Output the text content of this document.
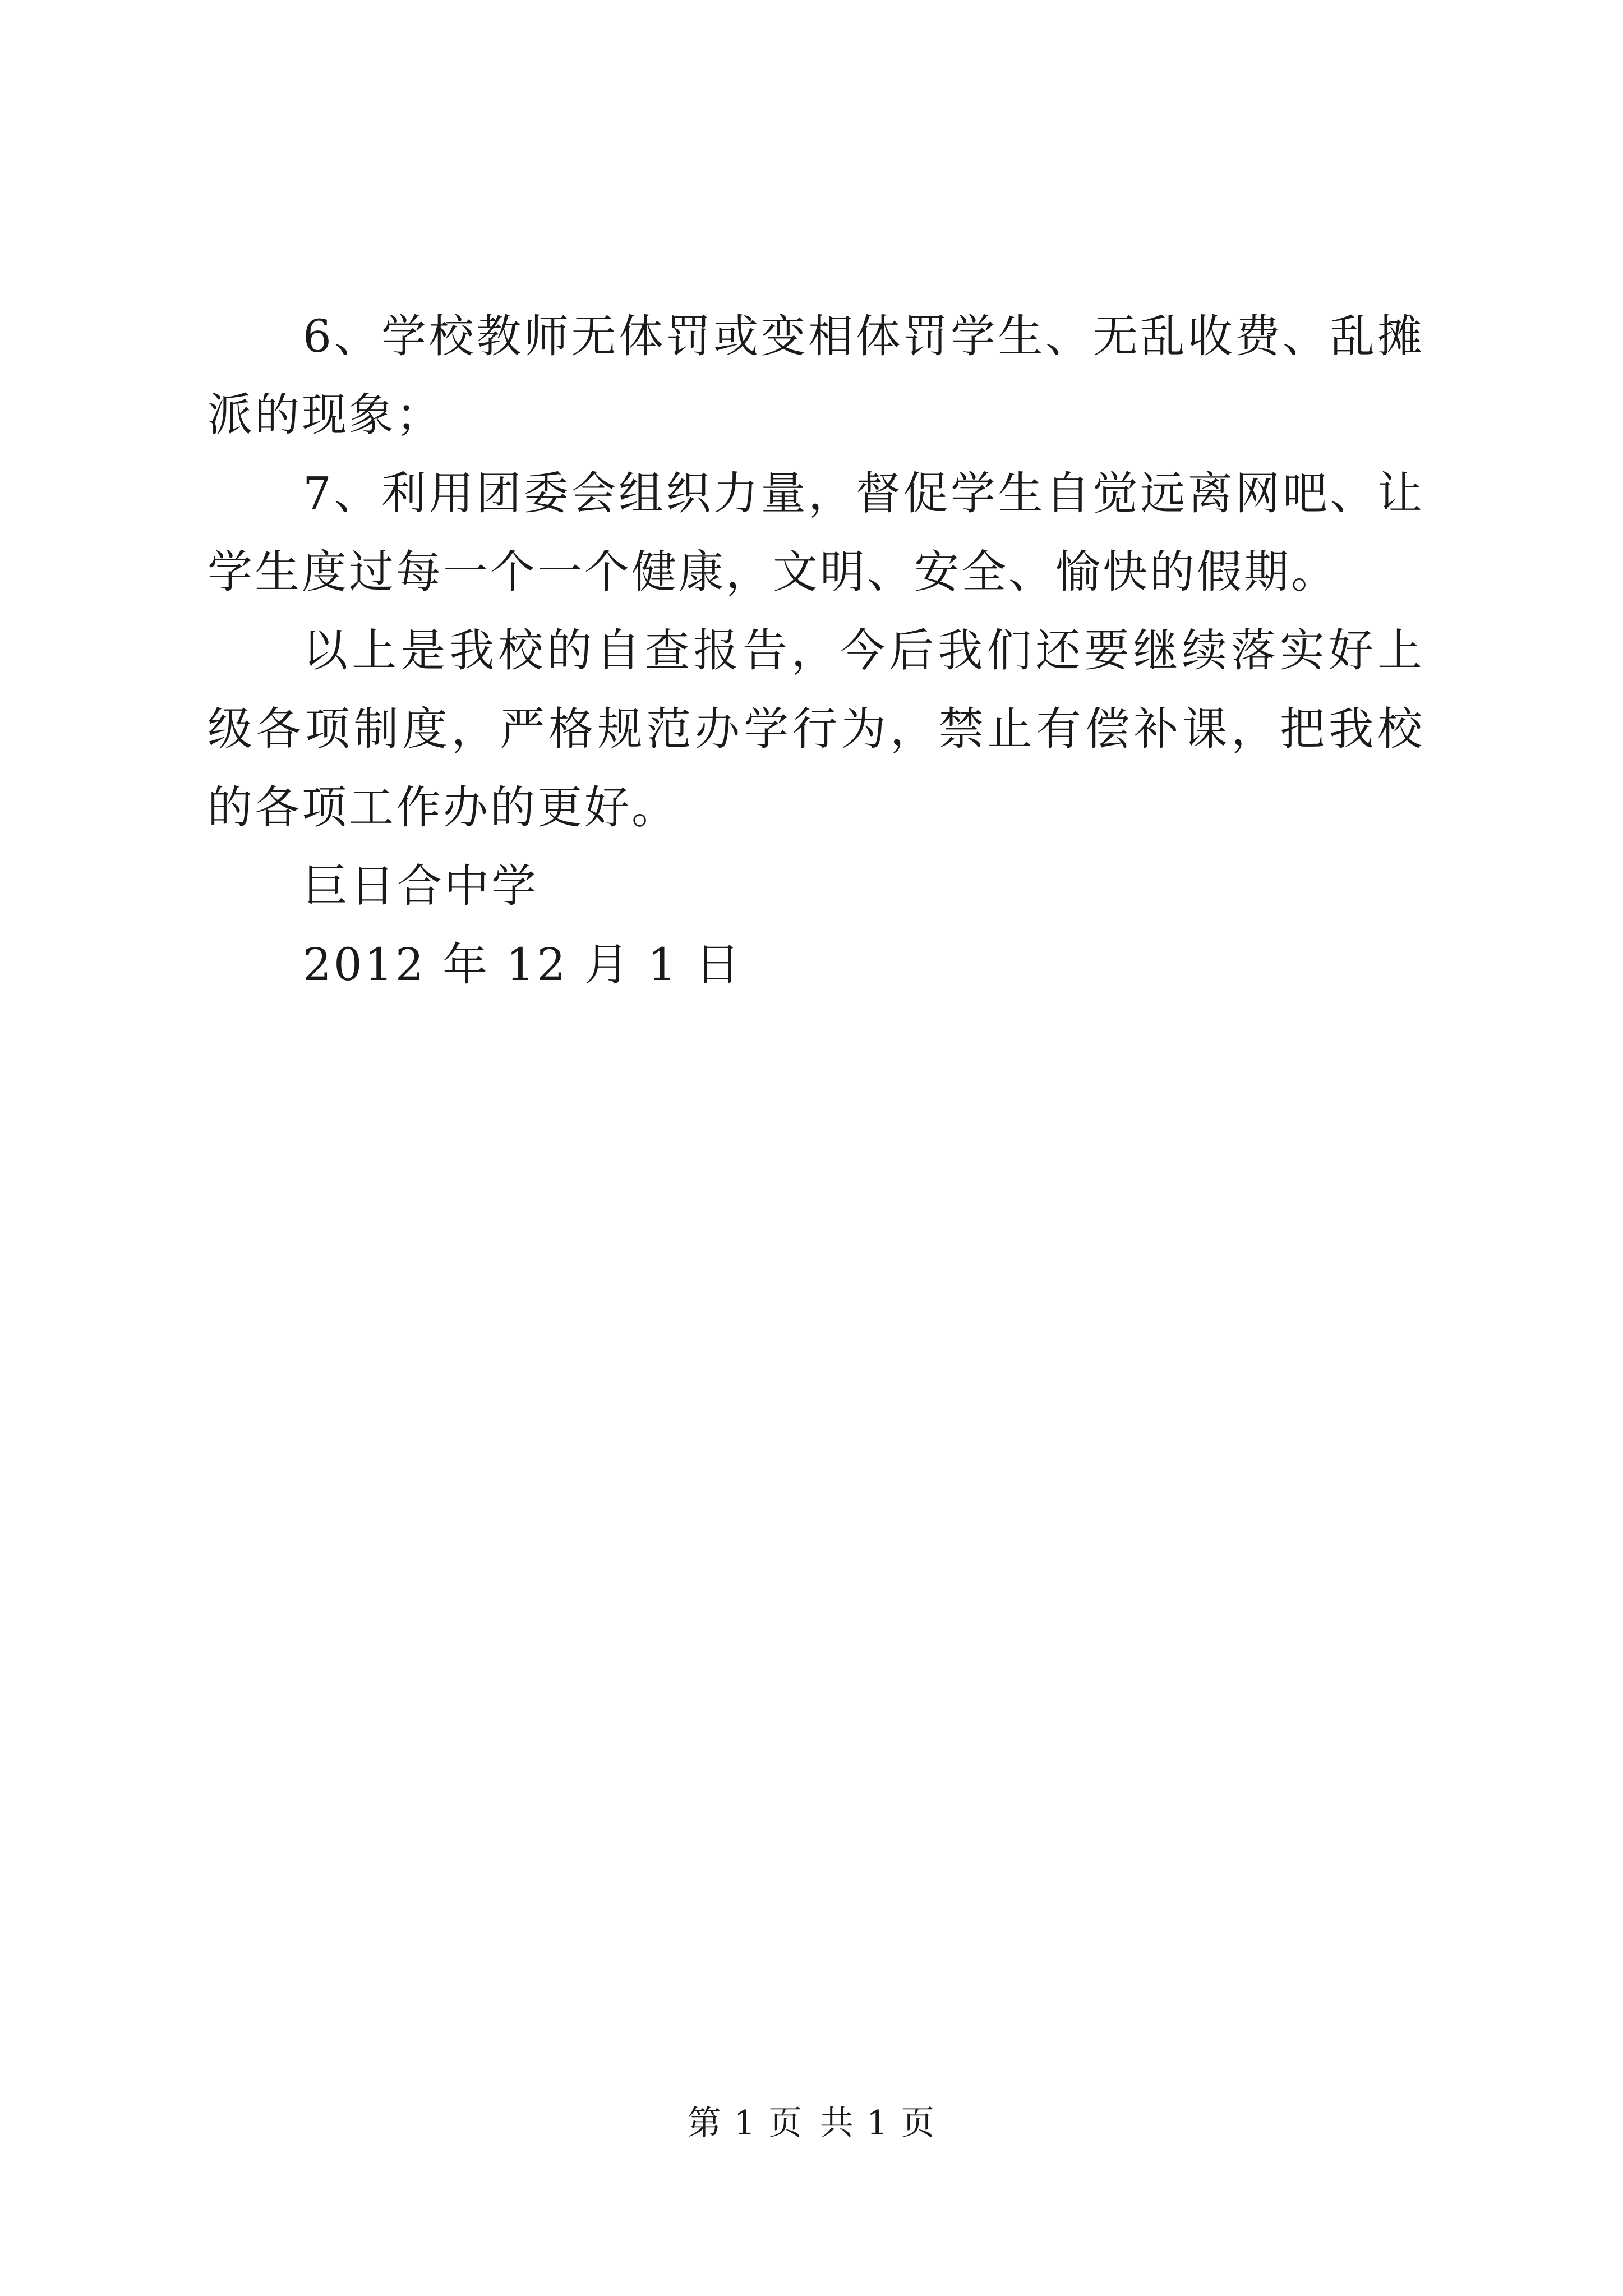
6、学校教师无体罚或变相体罚学生、无乱收费、乱摊派的现象；

7、利用团委会组织力量，督促学生自觉远离网吧、让学生度过每一个一个健康，文明、安全、愉快的假期。

以上是我校的自查报告，今后我们还要继续落实好上级各项制度，严格规范办学行为，禁止有偿补课，把我校的各项工作办的更好。

巨日合中学

2012 年 12 月 1 日

第 1 页 共 1 页
